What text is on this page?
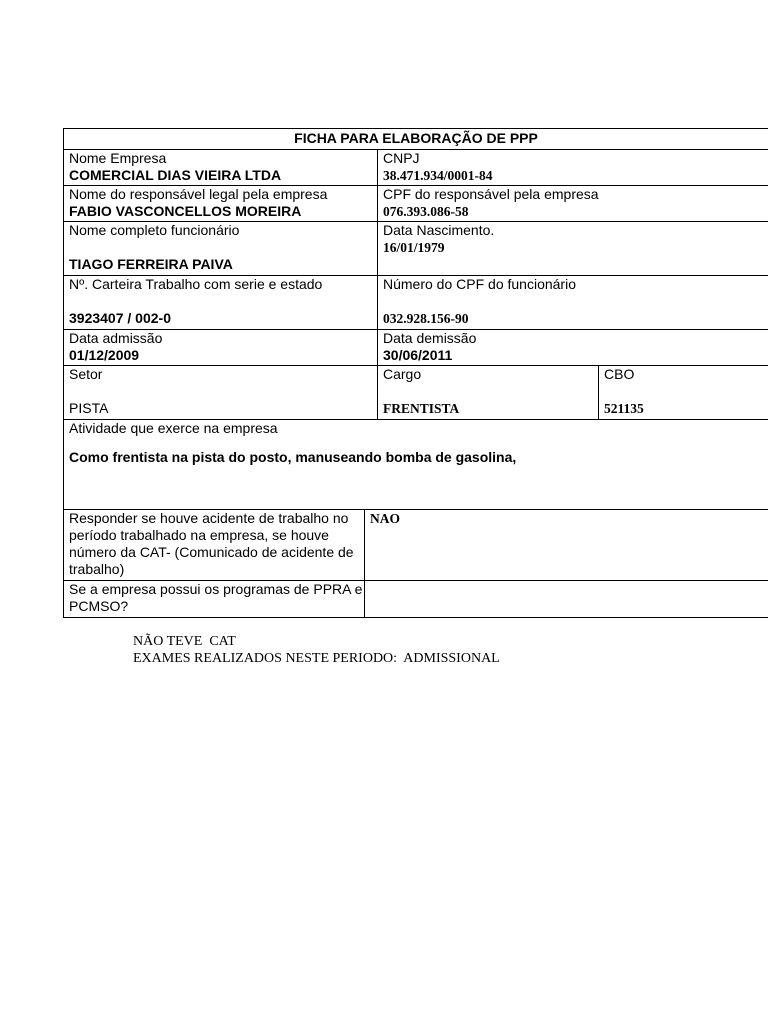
FICHA PARA ELABORAÇÃO DE PPP
Nome Empresa
COMERCIAL DIAS VIEIRA LTDA
CNPJ
38.471.934/0001-84
Nome do responsável legal pela empresa
FABIO VASCONCELLOS MOREIRA
CPF do responsável pela empresa
076.393.086-58
Nome completo funcionário
TIAGO FERREIRA PAIVA
Data Nascimento.
16/01/1979
Nº. Carteira Trabalho com serie e estado
3923407 / 002-0
Número do CPF do funcionário
032.928.156-90
Data admissão
01/12/2009
Data demissão
30/06/2011
Setor
PISTA
Cargo
FRENTISTA
CBO
521135
Atividade que exerce na empresa
Como frentista na pista do posto, manuseando bomba de gasolina,
Responder se houve acidente de trabalho no período trabalhado na empresa, se houve número da CAT- (Comunicado de acidente de trabalho)
NAO
Se a empresa possui os programas de PPRA e PCMSO?
NÃO TEVE  CAT
EXAMES REALIZADOS NESTE PERIODO:  ADMISSIONAL
